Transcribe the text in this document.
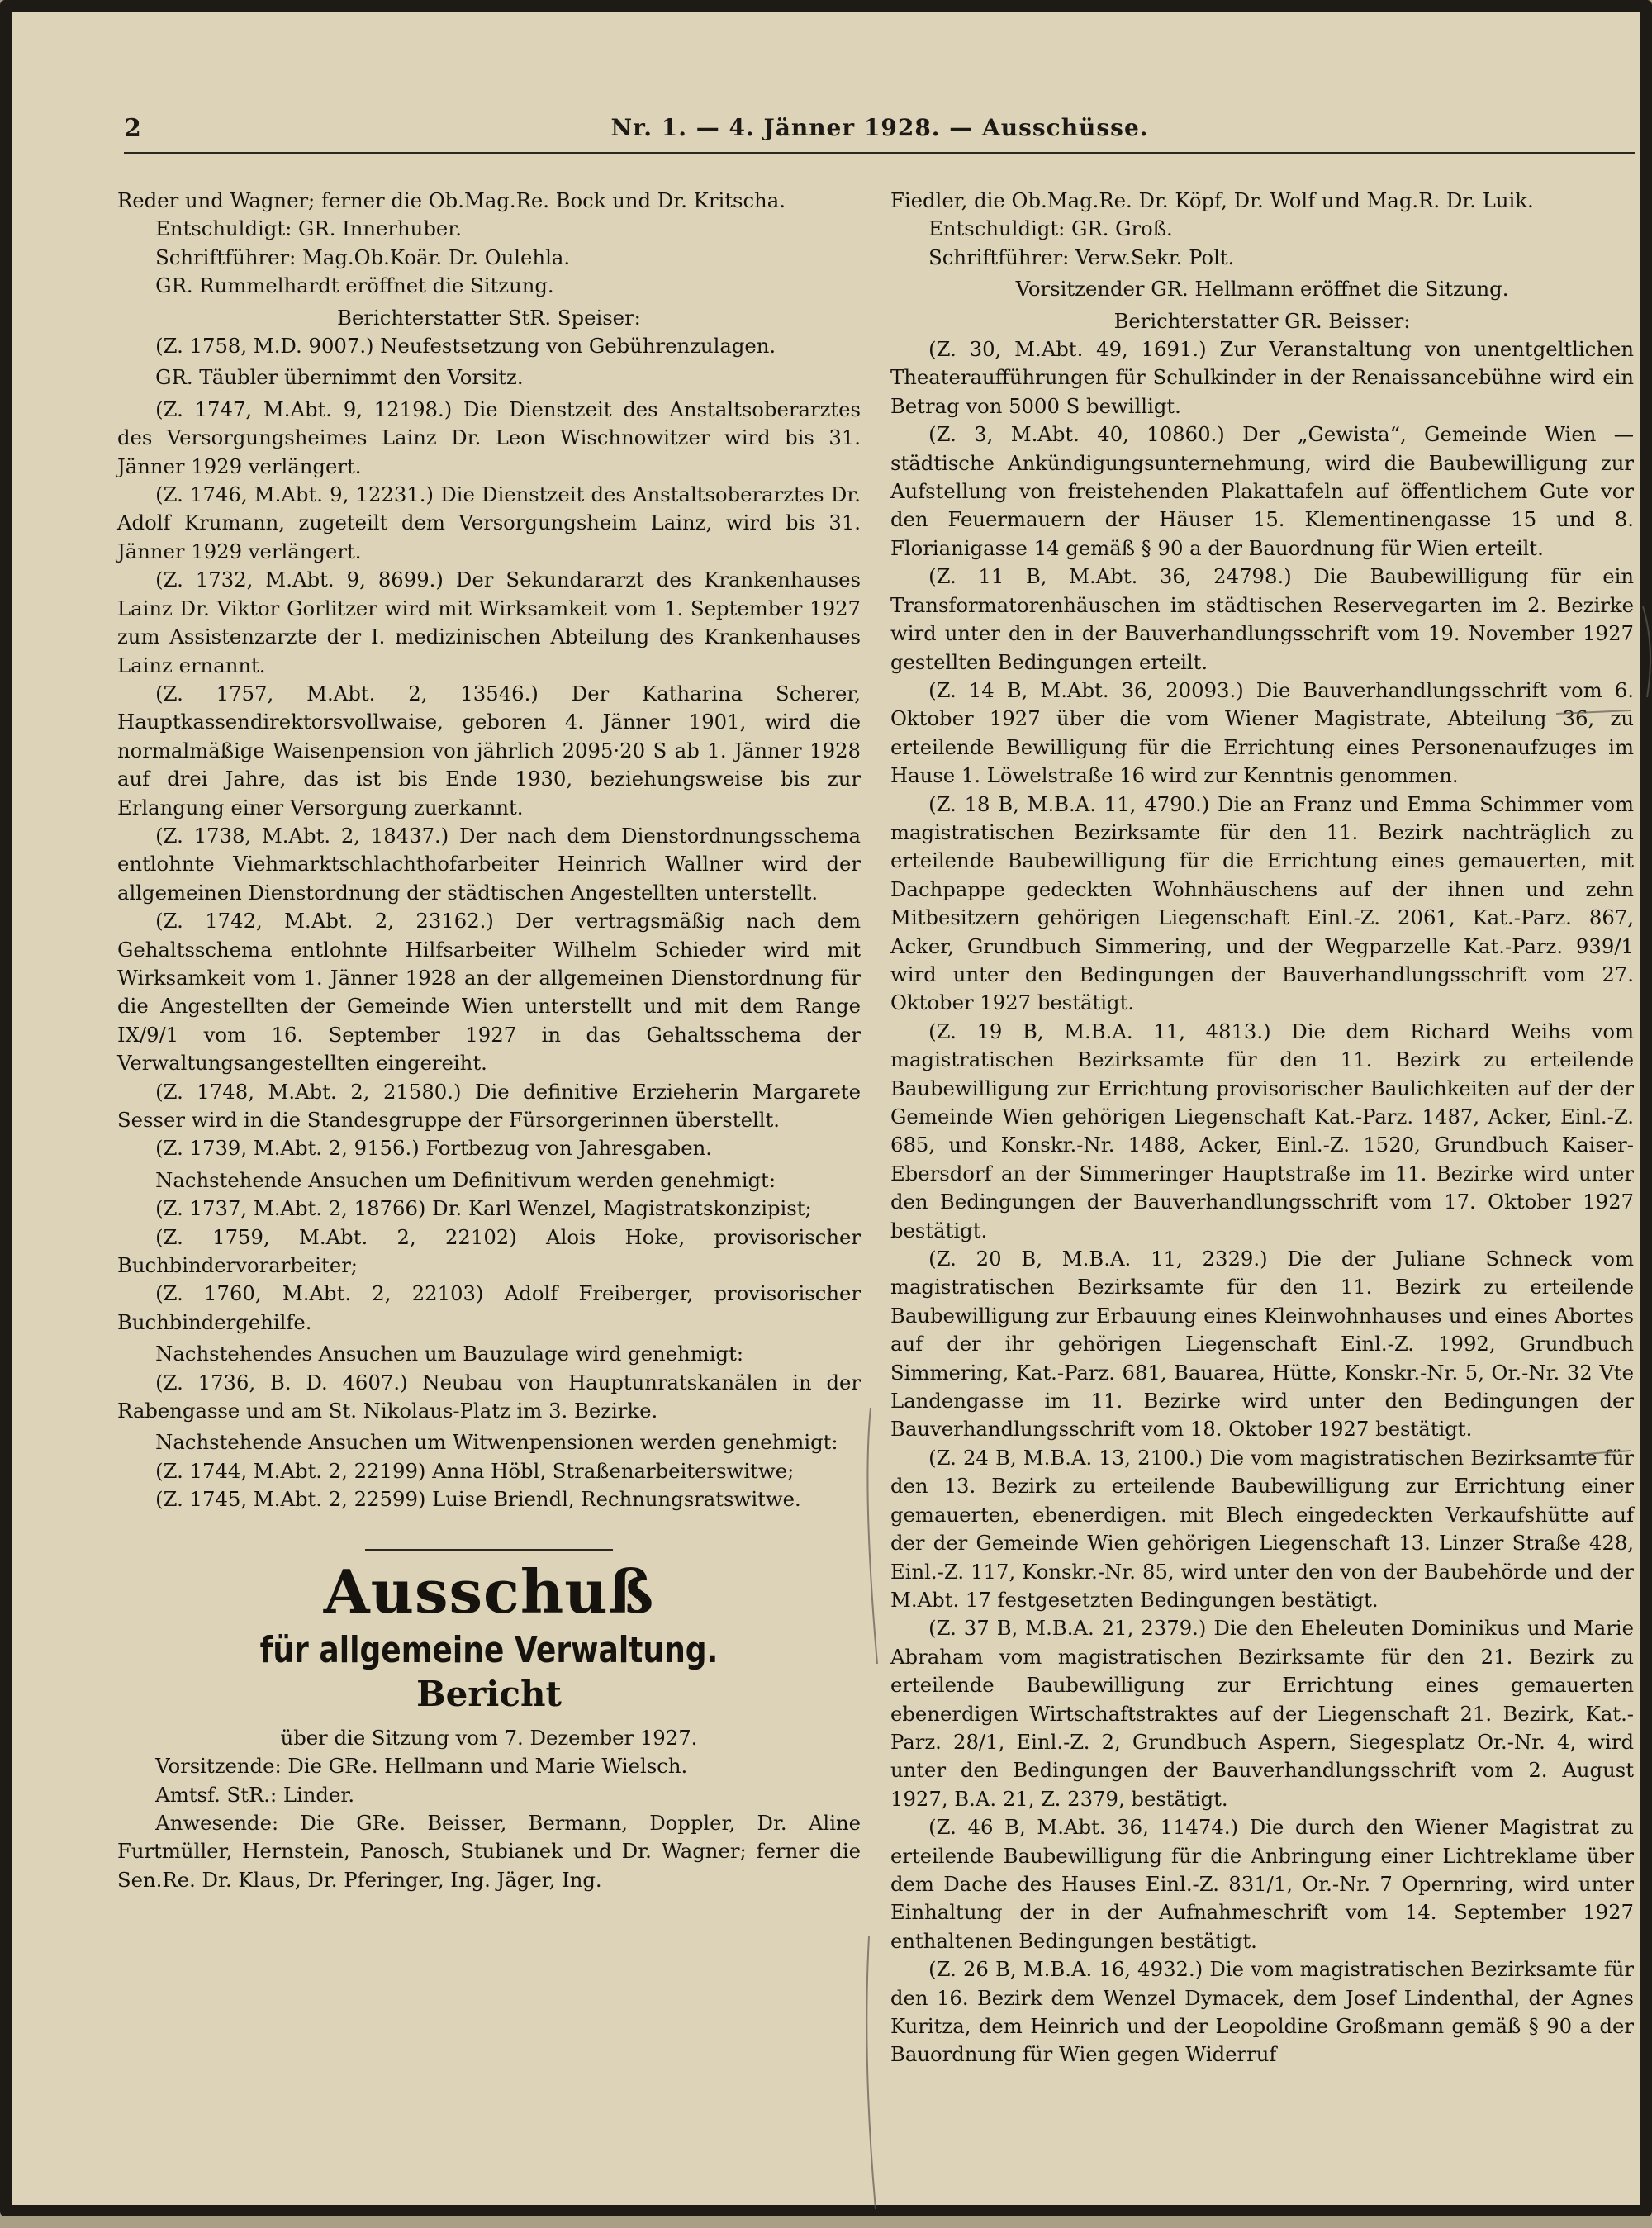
2	Nr. 1. — 4. Jänner 1928. — Ausschüsse.

Reder und Wagner; ferner die Ob.Mag.Re. Bock und Dr. Kritscha.

Entschuldigt: GR. Innerhuber.

Schriftführer: Mag.Ob.Koär. Dr. Oulehla.

GR. Rummelhardt eröffnet die Sitzung.

Berichterstatter StR. Speiser:

(Z. 1758, M.D. 9007.) Neufestsetzung von Gebührenzulagen.

GR. Täubler übernimmt den Vorsitz.

(Z. 1747, M.Abt. 9, 12198.) Die Dienstzeit des Anstaltsoberarztes des Versorgungsheimes Lainz Dr. Leon Wischnowitzer wird bis 31. Jänner 1929 verlängert.

(Z. 1746, M.Abt. 9, 12231.) Die Dienstzeit des Anstaltsoberarztes Dr. Adolf Krumann, zugeteilt dem Versorgungsheim Lainz, wird bis 31. Jänner 1929 verlängert.

(Z. 1732, M.Abt. 9, 8699.) Der Sekundararzt des Krankenhauses Lainz Dr. Viktor Gorlitzer wird mit Wirksamkeit vom 1. September 1927 zum Assistenzarzte der I. medizinischen Abteilung des Krankenhauses Lainz ernannt.

(Z. 1757, M.Abt. 2, 13546.) Der Katharina Scherer, Hauptkassendirektorsvollwaise, geboren 4. Jänner 1901, wird die normalmäßige Waisenpension von jährlich 2095·20 S ab 1. Jänner 1928 auf drei Jahre, das ist bis Ende 1930, beziehungsweise bis zur Erlangung einer Versorgung zuerkannt.

(Z. 1738, M.Abt. 2, 18437.) Der nach dem Dienstordnungsschema entlohnte Viehmarktschlachthofarbeiter Heinrich Wallner wird der allgemeinen Dienstordnung der städtischen Angestellten unterstellt.

(Z. 1742, M.Abt. 2, 23162.) Der vertragsmäßig nach dem Gehaltsschema entlohnte Hilfsarbeiter Wilhelm Schieder wird mit Wirksamkeit vom 1. Jänner 1928 an der allgemeinen Dienstordnung für die Angestellten der Gemeinde Wien unterstellt und mit dem Range IX/9/1 vom 16. September 1927 in das Gehaltsschema der Verwaltungsangestellten eingereiht.

(Z. 1748, M.Abt. 2, 21580.) Die definitive Erzieherin Margarete Sesser wird in die Standesgruppe der Fürsorgerinnen überstellt.

(Z. 1739, M.Abt. 2, 9156.) Fortbezug von Jahresgaben.

Nachstehende Ansuchen um Definitivum werden genehmigt:

(Z. 1737, M.Abt. 2, 18766) Dr. Karl Wenzel, Magistratskonzipist;

(Z. 1759, M.Abt. 2, 22102) Alois Hoke, provisorischer Buchbindervorarbeiter;

(Z. 1760, M.Abt. 2, 22103) Adolf Freiberger, provisorischer Buchbindergehilfe.

Nachstehendes Ansuchen um Bauzulage wird genehmigt:

(Z. 1736, B. D. 4607.) Neubau von Hauptunratskanälen in der Rabengasse und am St. Nikolaus-Platz im 3. Bezirke.

Nachstehende Ansuchen um Witwenpensionen werden genehmigt:

(Z. 1744, M.Abt. 2, 22199) Anna Höbl, Straßenarbeiterswitwe;

(Z. 1745, M.Abt. 2, 22599) Luise Briendl, Rechnungsratswitwe.

Ausschuß
für allgemeine Verwaltung.
Bericht

über die Sitzung vom 7. Dezember 1927.

Vorsitzende: Die GRe. Hellmann und Marie Wielsch.

Amtsf. StR.: Linder.

Anwesende: Die GRe. Beisser, Bermann, Doppler, Dr. Aline Furtmüller, Hernstein, Panosch, Stubianek und Dr. Wagner; ferner die Sen.Re. Dr. Klaus, Dr. Pferinger, Ing. Jäger, Ing.

Fiedler, die Ob.Mag.Re. Dr. Köpf, Dr. Wolf und Mag.R. Dr. Luik.

Entschuldigt: GR. Groß.

Schriftführer: Verw.Sekr. Polt.

Vorsitzender GR. Hellmann eröffnet die Sitzung.

Berichterstatter GR. Beisser:

(Z. 30, M.Abt. 49, 1691.) Zur Veranstaltung von unentgeltlichen Theateraufführungen für Schulkinder in der Renaissancebühne wird ein Betrag von 5000 S bewilligt.

(Z. 3, M.Abt. 40, 10860.) Der „Gewista“, Gemeinde Wien — städtische Ankündigungsunternehmung, wird die Baubewilligung zur Aufstellung von freistehenden Plakattafeln auf öffentlichem Gute vor den Feuermauern der Häuser 15. Klementinengasse 15 und 8. Florianigasse 14 gemäß § 90 a der Bauordnung für Wien erteilt.

(Z. 11 B, M.Abt. 36, 24798.) Die Baubewilligung für ein Transformatorenhäuschen im städtischen Reservegarten im 2. Bezirke wird unter den in der Bauverhandlungsschrift vom 19. November 1927 gestellten Bedingungen erteilt.

(Z. 14 B, M.Abt. 36, 20093.) Die Bauverhandlungsschrift vom 6. Oktober 1927 über die vom Wiener Magistrate, Abteilung 36, zu erteilende Bewilligung für die Errichtung eines Personenaufzuges im Hause 1. Löwelstraße 16 wird zur Kenntnis genommen.

(Z. 18 B, M.B.A. 11, 4790.) Die an Franz und Emma Schimmer vom magistratischen Bezirksamte für den 11. Bezirk nachträglich zu erteilende Baubewilligung für die Errichtung eines gemauerten, mit Dachpappe gedeckten Wohnhäuschens auf der ihnen und zehn Mitbesitzern gehörigen Liegenschaft Einl.-Z. 2061, Kat.-Parz. 867, Acker, Grundbuch Simmering, und der Wegparzelle Kat.-Parz. 939/1 wird unter den Bedingungen der Bauverhandlungsschrift vom 27. Oktober 1927 bestätigt.

(Z. 19 B, M.B.A. 11, 4813.) Die dem Richard Weihs vom magistratischen Bezirksamte für den 11. Bezirk zu erteilende Baubewilligung zur Errichtung provisorischer Baulichkeiten auf der der Gemeinde Wien gehörigen Liegenschaft Kat.-Parz. 1487, Acker, Einl.-Z. 685, und Konskr.-Nr. 1488, Acker, Einl.-Z. 1520, Grundbuch Kaiser-Ebersdorf an der Simmeringer Hauptstraße im 11. Bezirke wird unter den Bedingungen der Bauverhandlungsschrift vom 17. Oktober 1927 bestätigt.

(Z. 20 B, M.B.A. 11, 2329.) Die der Juliane Schneck vom magistratischen Bezirksamte für den 11. Bezirk zu erteilende Baubewilligung zur Erbauung eines Kleinwohnhauses und eines Abortes auf der ihr gehörigen Liegenschaft Einl.-Z. 1992, Grundbuch Simmering, Kat.-Parz. 681, Bauarea, Hütte, Konskr.-Nr. 5, Or.-Nr. 32 Vte Landengasse im 11. Bezirke wird unter den Bedingungen der Bauverhandlungsschrift vom 18. Oktober 1927 bestätigt.

(Z. 24 B, M.B.A. 13, 2100.) Die vom magistratischen Bezirksamte für den 13. Bezirk zu erteilende Baubewilligung zur Errichtung einer gemauerten, ebenerdigen. mit Blech eingedeckten Verkaufshütte auf der der Gemeinde Wien gehörigen Liegenschaft 13. Linzer Straße 428, Einl.-Z. 117, Konskr.-Nr. 85, wird unter den von der Baubehörde und der M.Abt. 17 festgesetzten Bedingungen bestätigt.

(Z. 37 B, M.B.A. 21, 2379.) Die den Eheleuten Dominikus und Marie Abraham vom magistratischen Bezirksamte für den 21. Bezirk zu erteilende Baubewilligung zur Errichtung eines gemauerten ebenerdigen Wirtschaftstraktes auf der Liegenschaft 21. Bezirk, Kat.-Parz. 28/1, Einl.-Z. 2, Grundbuch Aspern, Siegesplatz Or.-Nr. 4, wird unter den Bedingungen der Bauverhandlungsschrift vom 2. August 1927, B.A. 21, Z. 2379, bestätigt.

(Z. 46 B, M.Abt. 36, 11474.) Die durch den Wiener Magistrat zu erteilende Baubewilligung für die Anbringung einer Lichtreklame über dem Dache des Hauses Einl.-Z. 831/1, Or.-Nr. 7 Opernring, wird unter Einhaltung der in der Aufnahmeschrift vom 14. September 1927 enthaltenen Bedingungen bestätigt.

(Z. 26 B, M.B.A. 16, 4932.) Die vom magistratischen Bezirksamte für den 16. Bezirk dem Wenzel Dymacek, dem Josef Lindenthal, der Agnes Kuritza, dem Heinrich und der Leopoldine Großmann gemäß § 90 a der Bauordnung für Wien gegen Widerruf
